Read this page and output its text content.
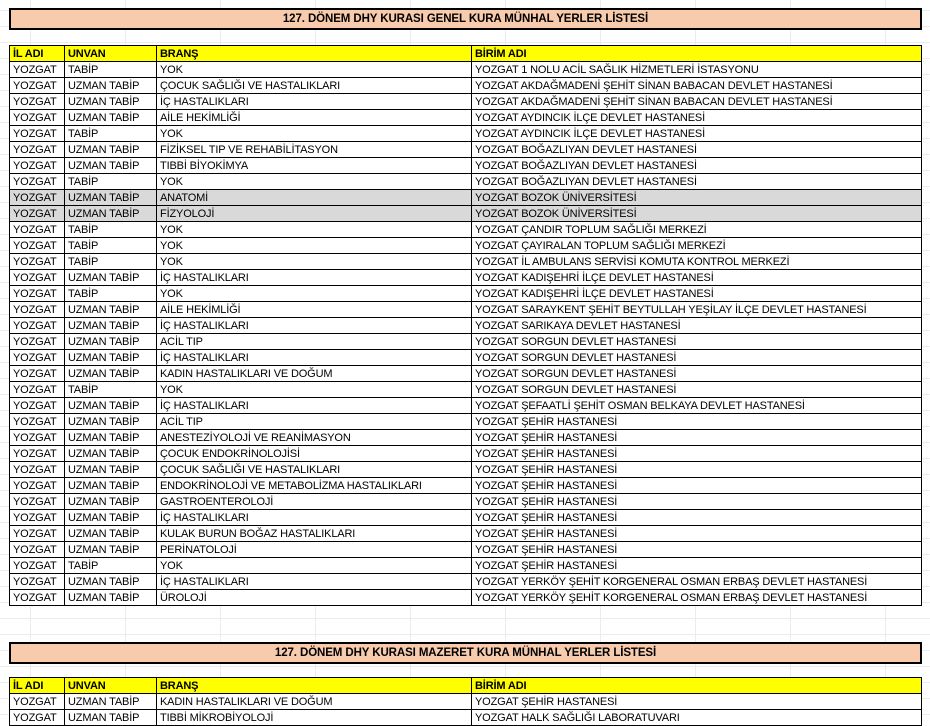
127. DÖNEM DHY KURASI GENEL KURA MÜNHAL YERLER LİSTESİ
İL ADI	UNVAN	BRANŞ	BİRİM ADI
YOZGAT	TABİP	YOK	YOZGAT 1 NOLU ACİL SAĞLIK HİZMETLERİ İSTASYONU
YOZGAT	UZMAN TABİP	ÇOCUK SAĞLIĞI VE HASTALIKLARI	YOZGAT AKDAĞMADENİ ŞEHİT SİNAN BABACAN DEVLET HASTANESİ
YOZGAT	UZMAN TABİP	İÇ HASTALIKLARI	YOZGAT AKDAĞMADENİ ŞEHİT SİNAN BABACAN DEVLET HASTANESİ
YOZGAT	UZMAN TABİP	AİLE HEKİMLİĞİ	YOZGAT AYDINCIK İLÇE DEVLET HASTANESİ
YOZGAT	TABİP	YOK	YOZGAT AYDINCIK İLÇE DEVLET HASTANESİ
YOZGAT	UZMAN TABİP	FİZİKSEL TIP VE REHABİLİTASYON	YOZGAT BOĞAZLIYAN DEVLET HASTANESİ
YOZGAT	UZMAN TABİP	TIBBİ BİYOKİMYA	YOZGAT BOĞAZLIYAN DEVLET HASTANESİ
YOZGAT	TABİP	YOK	YOZGAT BOĞAZLIYAN DEVLET HASTANESİ
YOZGAT	UZMAN TABİP	ANATOMİ	YOZGAT BOZOK ÜNİVERSİTESİ
YOZGAT	UZMAN TABİP	FİZYOLOJİ	YOZGAT BOZOK ÜNİVERSİTESİ
YOZGAT	TABİP	YOK	YOZGAT ÇANDIR TOPLUM SAĞLIĞI MERKEZİ
YOZGAT	TABİP	YOK	YOZGAT ÇAYIRALAN TOPLUM SAĞLIĞI MERKEZİ
YOZGAT	TABİP	YOK	YOZGAT İL AMBULANS SERVİSİ KOMUTA KONTROL MERKEZİ
YOZGAT	UZMAN TABİP	İÇ HASTALIKLARI	YOZGAT KADIŞEHRİ İLÇE DEVLET HASTANESİ
YOZGAT	TABİP	YOK	YOZGAT KADIŞEHRİ İLÇE DEVLET HASTANESİ
YOZGAT	UZMAN TABİP	AİLE HEKİMLİĞİ	YOZGAT SARAYKENT ŞEHİT BEYTULLAH YEŞİLAY İLÇE DEVLET HASTANESİ
YOZGAT	UZMAN TABİP	İÇ HASTALIKLARI	YOZGAT SARIKAYA DEVLET HASTANESİ
YOZGAT	UZMAN TABİP	ACİL TIP	YOZGAT SORGUN DEVLET HASTANESİ
YOZGAT	UZMAN TABİP	İÇ HASTALIKLARI	YOZGAT SORGUN DEVLET HASTANESİ
YOZGAT	UZMAN TABİP	KADIN HASTALIKLARI VE DOĞUM	YOZGAT SORGUN DEVLET HASTANESİ
YOZGAT	TABİP	YOK	YOZGAT SORGUN DEVLET HASTANESİ
YOZGAT	UZMAN TABİP	İÇ HASTALIKLARI	YOZGAT ŞEFAATLİ ŞEHİT OSMAN BELKAYA DEVLET HASTANESİ
YOZGAT	UZMAN TABİP	ACİL TIP	YOZGAT ŞEHİR HASTANESİ
YOZGAT	UZMAN TABİP	ANESTEZİYOLOJİ VE REANİMASYON	YOZGAT ŞEHİR HASTANESİ
YOZGAT	UZMAN TABİP	ÇOCUK ENDOKRİNOLOJİSİ	YOZGAT ŞEHİR HASTANESİ
YOZGAT	UZMAN TABİP	ÇOCUK SAĞLIĞI VE HASTALIKLARI	YOZGAT ŞEHİR HASTANESİ
YOZGAT	UZMAN TABİP	ENDOKRİNOLOJİ VE METABOLİZMA HASTALIKLARI	YOZGAT ŞEHİR HASTANESİ
YOZGAT	UZMAN TABİP	GASTROENTEROLOJİ	YOZGAT ŞEHİR HASTANESİ
YOZGAT	UZMAN TABİP	İÇ HASTALIKLARI	YOZGAT ŞEHİR HASTANESİ
YOZGAT	UZMAN TABİP	KULAK BURUN BOĞAZ HASTALIKLARI	YOZGAT ŞEHİR HASTANESİ
YOZGAT	UZMAN TABİP	PERİNATOLOJİ	YOZGAT ŞEHİR HASTANESİ
YOZGAT	TABİP	YOK	YOZGAT ŞEHİR HASTANESİ
YOZGAT	UZMAN TABİP	İÇ HASTALIKLARI	YOZGAT YERKÖY ŞEHİT KORGENERAL OSMAN ERBAŞ DEVLET HASTANESİ
YOZGAT	UZMAN TABİP	ÜROLOJİ	YOZGAT YERKÖY ŞEHİT KORGENERAL OSMAN ERBAŞ DEVLET HASTANESİ
127. DÖNEM DHY KURASI MAZERET KURA MÜNHAL YERLER LİSTESİ
İL ADI	UNVAN	BRANŞ	BİRİM ADI
YOZGAT	UZMAN TABİP	KADIN HASTALIKLARI VE DOĞUM	YOZGAT ŞEHİR HASTANESİ
YOZGAT	UZMAN TABİP	TIBBİ MİKROBİYOLOJİ	YOZGAT HALK SAĞLIĞI LABORATUVARI
